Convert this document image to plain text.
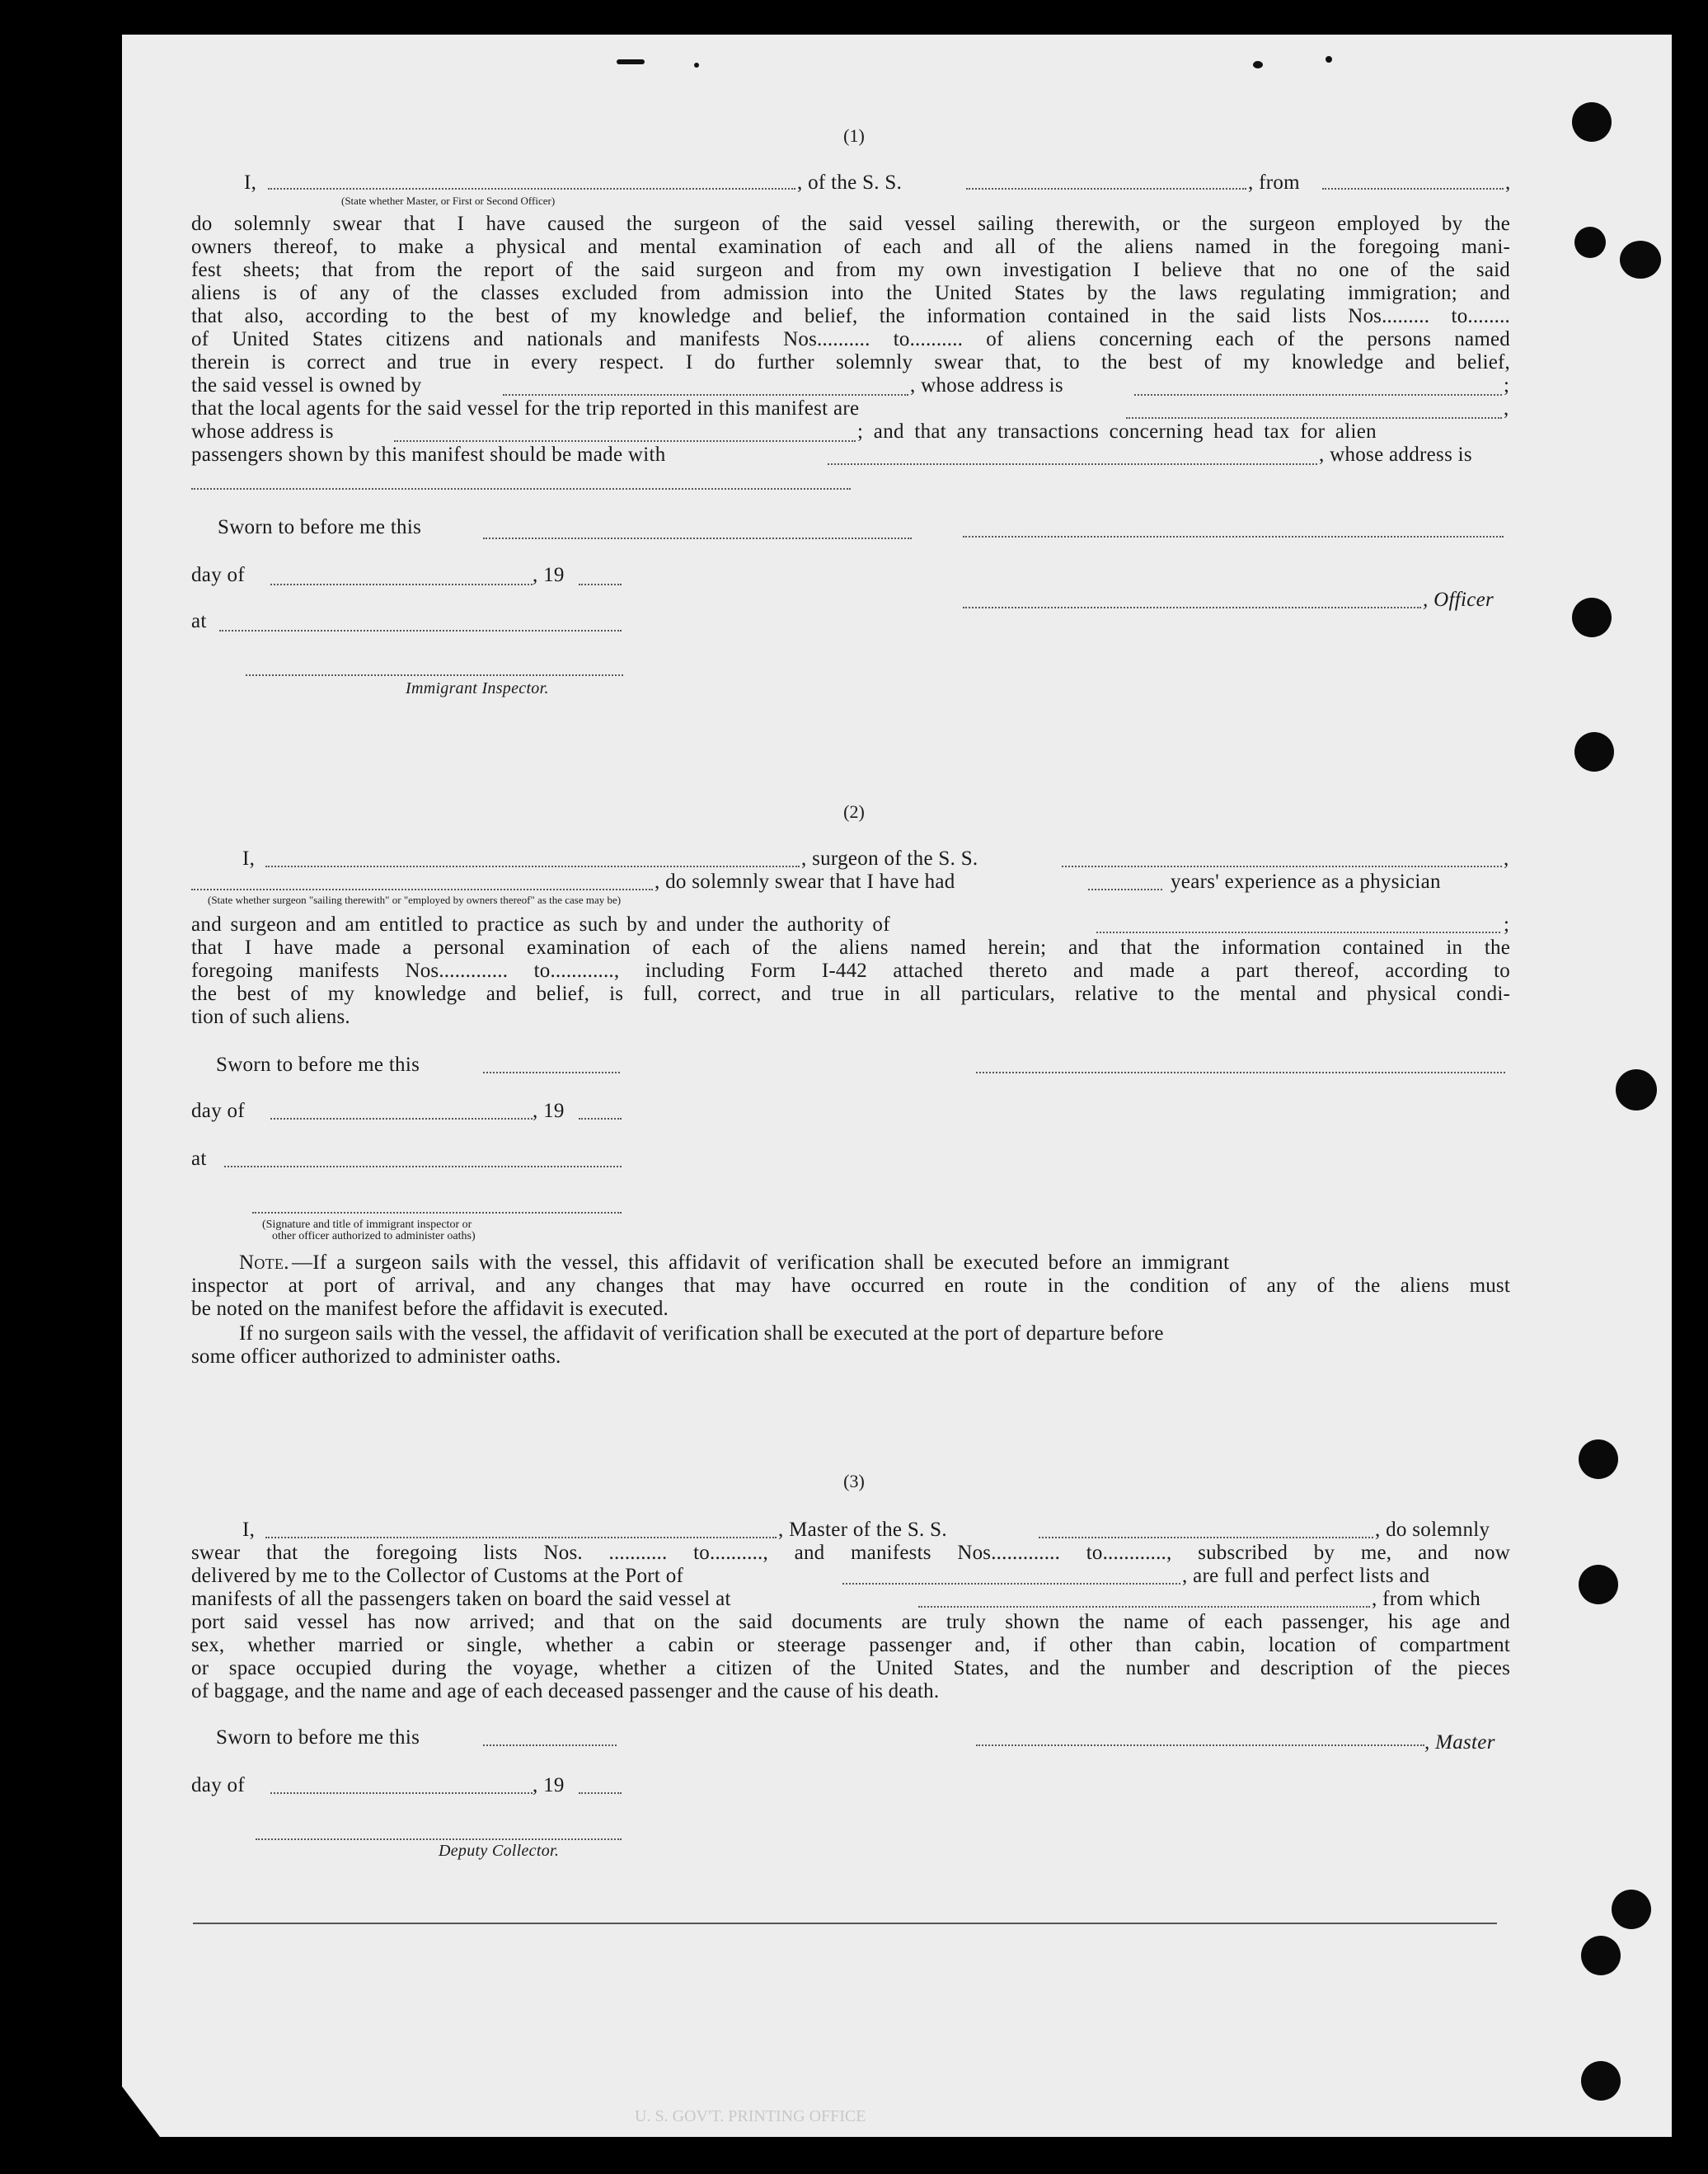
U. S. GOV'T. PRINTING OFFICE
(1)
I,	, of the S. S.	, from	,
(State whether Master, or First or Second Officer)
do solemnly swear that I have caused the surgeon of the said vessel sailing therewith, or the surgeon employed by the
owners thereof, to make a physical and mental examination of each and all of the aliens named in the foregoing mani-
fest sheets; that from the report of the said surgeon and from my own investigation I believe that no one of the said
aliens is of any of the classes excluded from admission into the United States by the laws regulating immigration; and
that also, according to the best of my knowledge and belief, the information contained in the said lists Nos......... to........
of United States citizens and nationals and manifests Nos.......... to.......... of aliens concerning each of the persons named
therein is correct and true in every respect. I do further solemnly swear that, to the best of my knowledge and belief,
the said vessel is owned by	, whose address is	;
that the local agents for the said vessel for the trip reported in this manifest are	,
whose address is	; and that any transactions concerning head tax for alien
passengers shown by this manifest should be made with	, whose address is
Sworn to before me this
day of	, 19
, Officer
at
Immigrant Inspector.
(2)
I,	, surgeon of the S. S.	,
, do solemnly swear that I have had	years' experience as a physician
(State whether surgeon "sailing therewith" or "employed by owners thereof" as the case may be)
and surgeon and am entitled to practice as such by and under the authority of	;
that I have made a personal examination of each of the aliens named herein; and that the information contained in the
foregoing manifests Nos............. to............, including Form I-442 attached thereto and made a part thereof, according to
the best of my knowledge and belief, is full, correct, and true in all particulars, relative to the mental and physical condi-
tion of such aliens.
Sworn to before me this
day of	, 19
at
(Signature and title of immigrant inspector or
other officer authorized to administer oaths)
Note. —If a surgeon sails with the vessel, this affidavit of verification shall be executed before an immigrant
inspector at port of arrival, and any changes that may have occurred en route in the condition of any of the aliens must
be noted on the manifest before the affidavit is executed.
If no surgeon sails with the vessel, the affidavit of verification shall be executed at the port of departure before
some officer authorized to administer oaths.
(3)
I,	, Master of the S. S.	, do solemnly
swear that the foregoing lists Nos. ........... to.........., and manifests Nos............. to............, subscribed by me, and now
delivered by me to the Collector of Customs at the Port of	, are full and perfect lists and
manifests of all the passengers taken on board the said vessel at	, from which
port said vessel has now arrived; and that on the said documents are truly shown the name of each passenger, his age and
sex, whether married or single, whether a cabin or steerage passenger and, if other than cabin, location of compartment
or space occupied during the voyage, whether a citizen of the United States, and the number and description of the pieces
of baggage, and the name and age of each deceased passenger and the cause of his death.
Sworn to before me this	, Master
day of	, 19
Deputy Collector.
